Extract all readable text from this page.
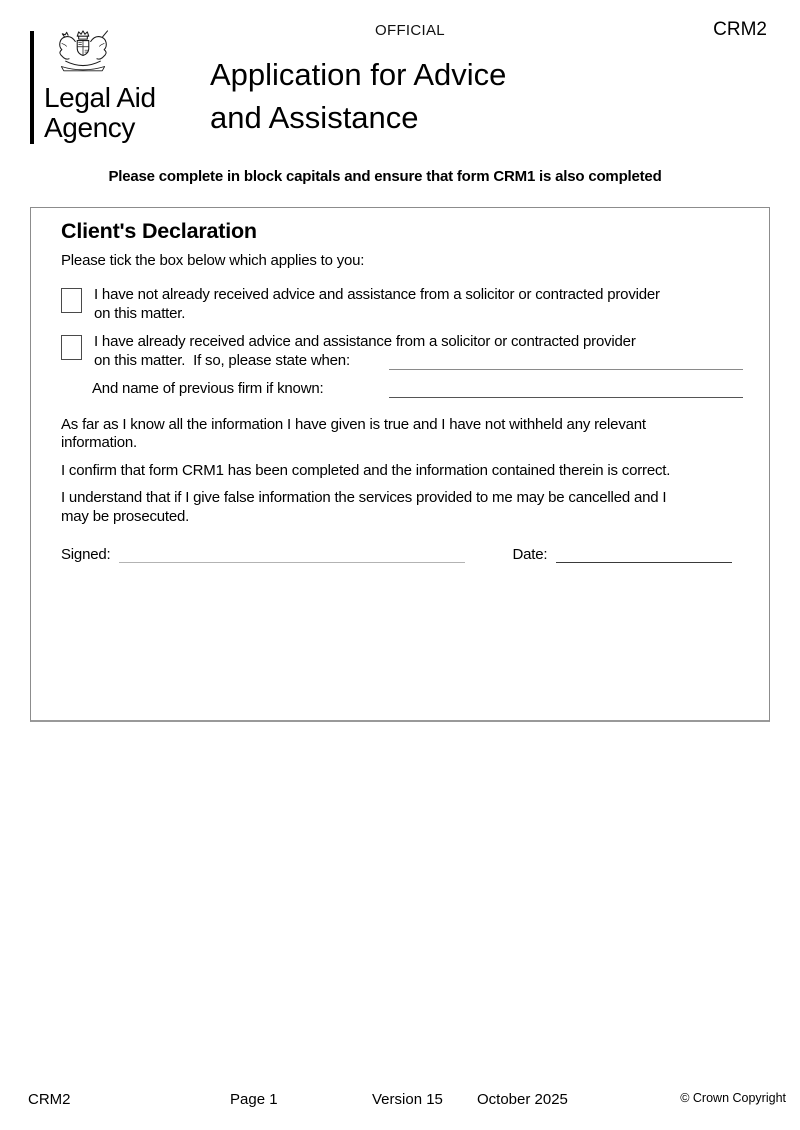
OFFICIAL	CRM2
Legal Aid
Agency
Application for Advice
and Assistance
Please complete in block capitals and ensure that form CRM1 is also completed
Client's Declaration
Please tick the box below which applies to you:
I have not already received advice and assistance from a solicitor or contracted provider
on this matter.
I have already received advice and assistance from a solicitor or contracted provider
on this matter.  If so, please state when:
And name of previous firm if known:
As far as I know all the information I have given is true and I have not withheld any relevant
information.
I confirm that form CRM1 has been completed and the information contained therein is correct.
I understand that if I give false information the services provided to me may be cancelled and I
may be prosecuted.
Signed:	Date:
CRM2	Page 1	Version 15 October 2025	© Crown Copyright
